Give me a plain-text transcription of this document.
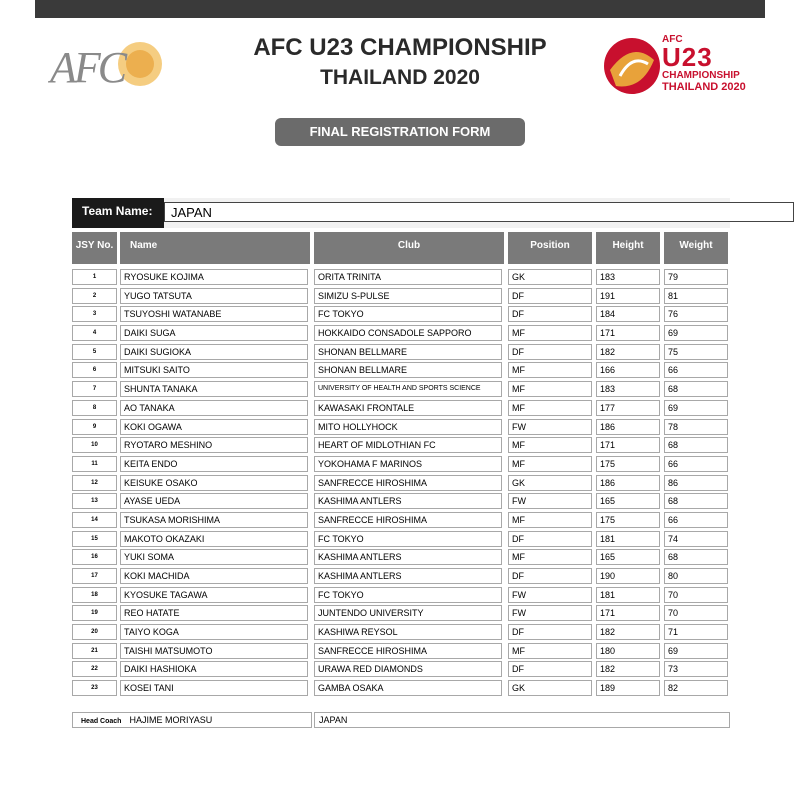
AFC	AFC U23 CHAMPIONSHIP
THAILAND 2020
AFC
U23
CHAMPIONSHIP
THAILAND 2020
FINAL REGISTRATION FORM
Team Name:	JAPAN
JSY No.	Name	Club	Position	Height	Weight
1	RYOSUKE KOJIMA	ORITA TRINITA	GK	183	79
2	YUGO TATSUTA	SIMIZU S-PULSE	DF	191	81
3	TSUYOSHI WATANABE	FC TOKYO	DF	184	76
4	DAIKI SUGA	HOKKAIDO CONSADOLE SAPPORO	MF	171	69
5	DAIKI SUGIOKA	SHONAN BELLMARE	DF	182	75
6	MITSUKI SAITO	SHONAN BELLMARE	MF	166	66
7	SHUNTA TANAKA	UNIVERSITY OF HEALTH AND SPORTS SCIENCE	MF	183	68
8	AO TANAKA	KAWASAKI FRONTALE	MF	177	69
9	KOKI OGAWA	MITO HOLLYHOCK	FW	186	78
10	RYOTARO MESHINO	HEART OF MIDLOTHIAN FC	MF	171	68
11	KEITA ENDO	YOKOHAMA F MARINOS	MF	175	66
12	KEISUKE OSAKO	SANFRECCE HIROSHIMA	GK	186	86
13	AYASE UEDA	KASHIMA ANTLERS	FW	165	68
14	TSUKASA MORISHIMA	SANFRECCE HIROSHIMA	MF	175	66
15	MAKOTO OKAZAKI	FC TOKYO	DF	181	74
16	YUKI SOMA	KASHIMA ANTLERS	MF	165	68
17	KOKI MACHIDA	KASHIMA ANTLERS	DF	190	80
18	KYOSUKE TAGAWA	FC TOKYO	FW	181	70
19	REO HATATE	JUNTENDO UNIVERSITY	FW	171	70
20	TAIYO KOGA	KASHIWA REYSOL	DF	182	71
21	TAISHI MATSUMOTO	SANFRECCE HIROSHIMA	MF	180	69
22	DAIKI HASHIOKA	URAWA RED DIAMONDS	DF	182	73
23	KOSEI TANI	GAMBA OSAKA	GK	189	82
Head Coach HAJIME MORIYASU	JAPAN
